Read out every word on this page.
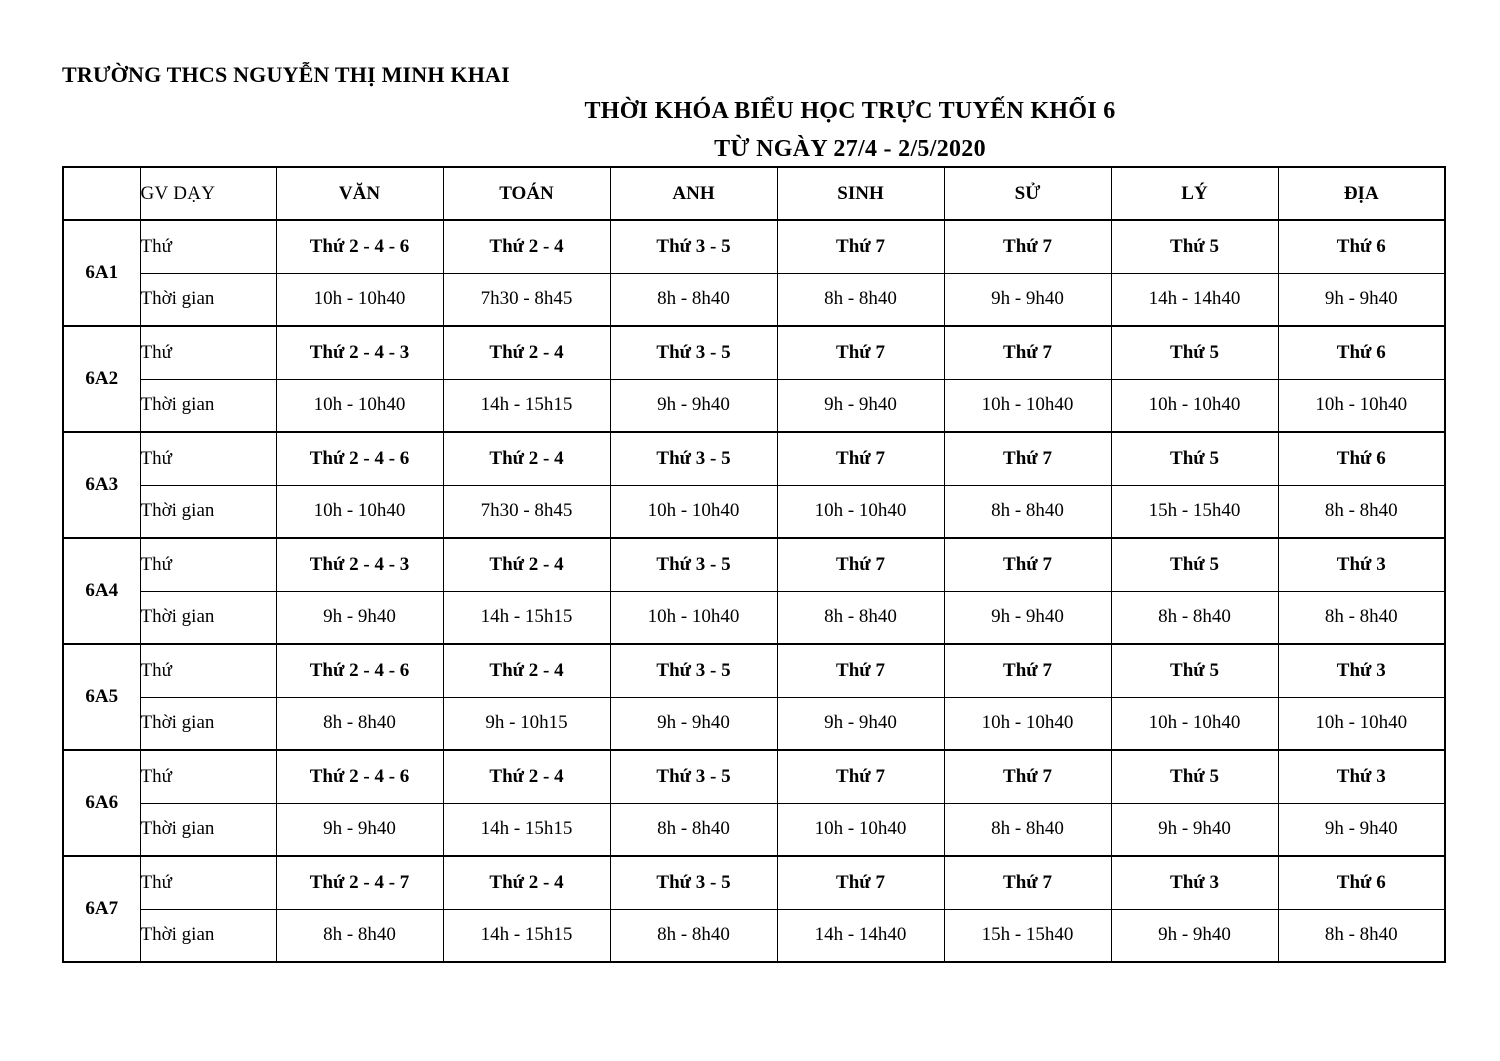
TRƯỜNG THCS NGUYỄN THỊ MINH KHAI
THỜI KHÓA BIỂU HỌC TRỰC TUYẾN KHỐI 6
TỪ NGÀY 27/4 - 2/5/2020
	GV DẠY	VĂN	TOÁN	ANH	SINH	SỬ	LÝ	ĐỊA
6A1	Thứ	Thứ 2 - 4 - 6	Thứ 2 - 4	Thứ 3 - 5	Thứ 7	Thứ 7	Thứ 5	Thứ 6
	Thời gian	10h - 10h40	7h30 - 8h45	8h - 8h40	8h - 8h40	9h - 9h40	14h - 14h40	9h - 9h40
6A2	Thứ	Thứ 2 - 4 - 3	Thứ 2 - 4	Thứ 3 - 5	Thứ 7	Thứ 7	Thứ 5	Thứ 6
	Thời gian	10h - 10h40	14h - 15h15	9h - 9h40	9h - 9h40	10h - 10h40	10h - 10h40	10h - 10h40
6A3	Thứ	Thứ 2 - 4 - 6	Thứ 2 - 4	Thứ 3 - 5	Thứ 7	Thứ 7	Thứ 5	Thứ 6
	Thời gian	10h - 10h40	7h30 - 8h45	10h - 10h40	10h - 10h40	8h - 8h40	15h - 15h40	8h - 8h40
6A4	Thứ	Thứ 2 - 4 - 3	Thứ 2 - 4	Thứ 3 - 5	Thứ 7	Thứ 7	Thứ 5	Thứ 3
	Thời gian	9h - 9h40	14h - 15h15	10h - 10h40	8h - 8h40	9h - 9h40	8h - 8h40	8h - 8h40
6A5	Thứ	Thứ 2 - 4 - 6	Thứ 2 - 4	Thứ 3 - 5	Thứ 7	Thứ 7	Thứ 5	Thứ 3
	Thời gian	8h - 8h40	9h - 10h15	9h - 9h40	9h - 9h40	10h - 10h40	10h - 10h40	10h - 10h40
6A6	Thứ	Thứ 2 - 4 - 6	Thứ 2 - 4	Thứ 3 - 5	Thứ 7	Thứ 7	Thứ 5	Thứ 3
	Thời gian	9h - 9h40	14h - 15h15	8h - 8h40	10h - 10h40	8h - 8h40	9h - 9h40	9h - 9h40
6A7	Thứ	Thứ 2 - 4 - 7	Thứ 2 - 4	Thứ 3 - 5	Thứ 7	Thứ 7	Thứ 3	Thứ 6
	Thời gian	8h - 8h40	14h - 15h15	8h - 8h40	14h - 14h40	15h - 15h40	9h - 9h40	8h - 8h40
